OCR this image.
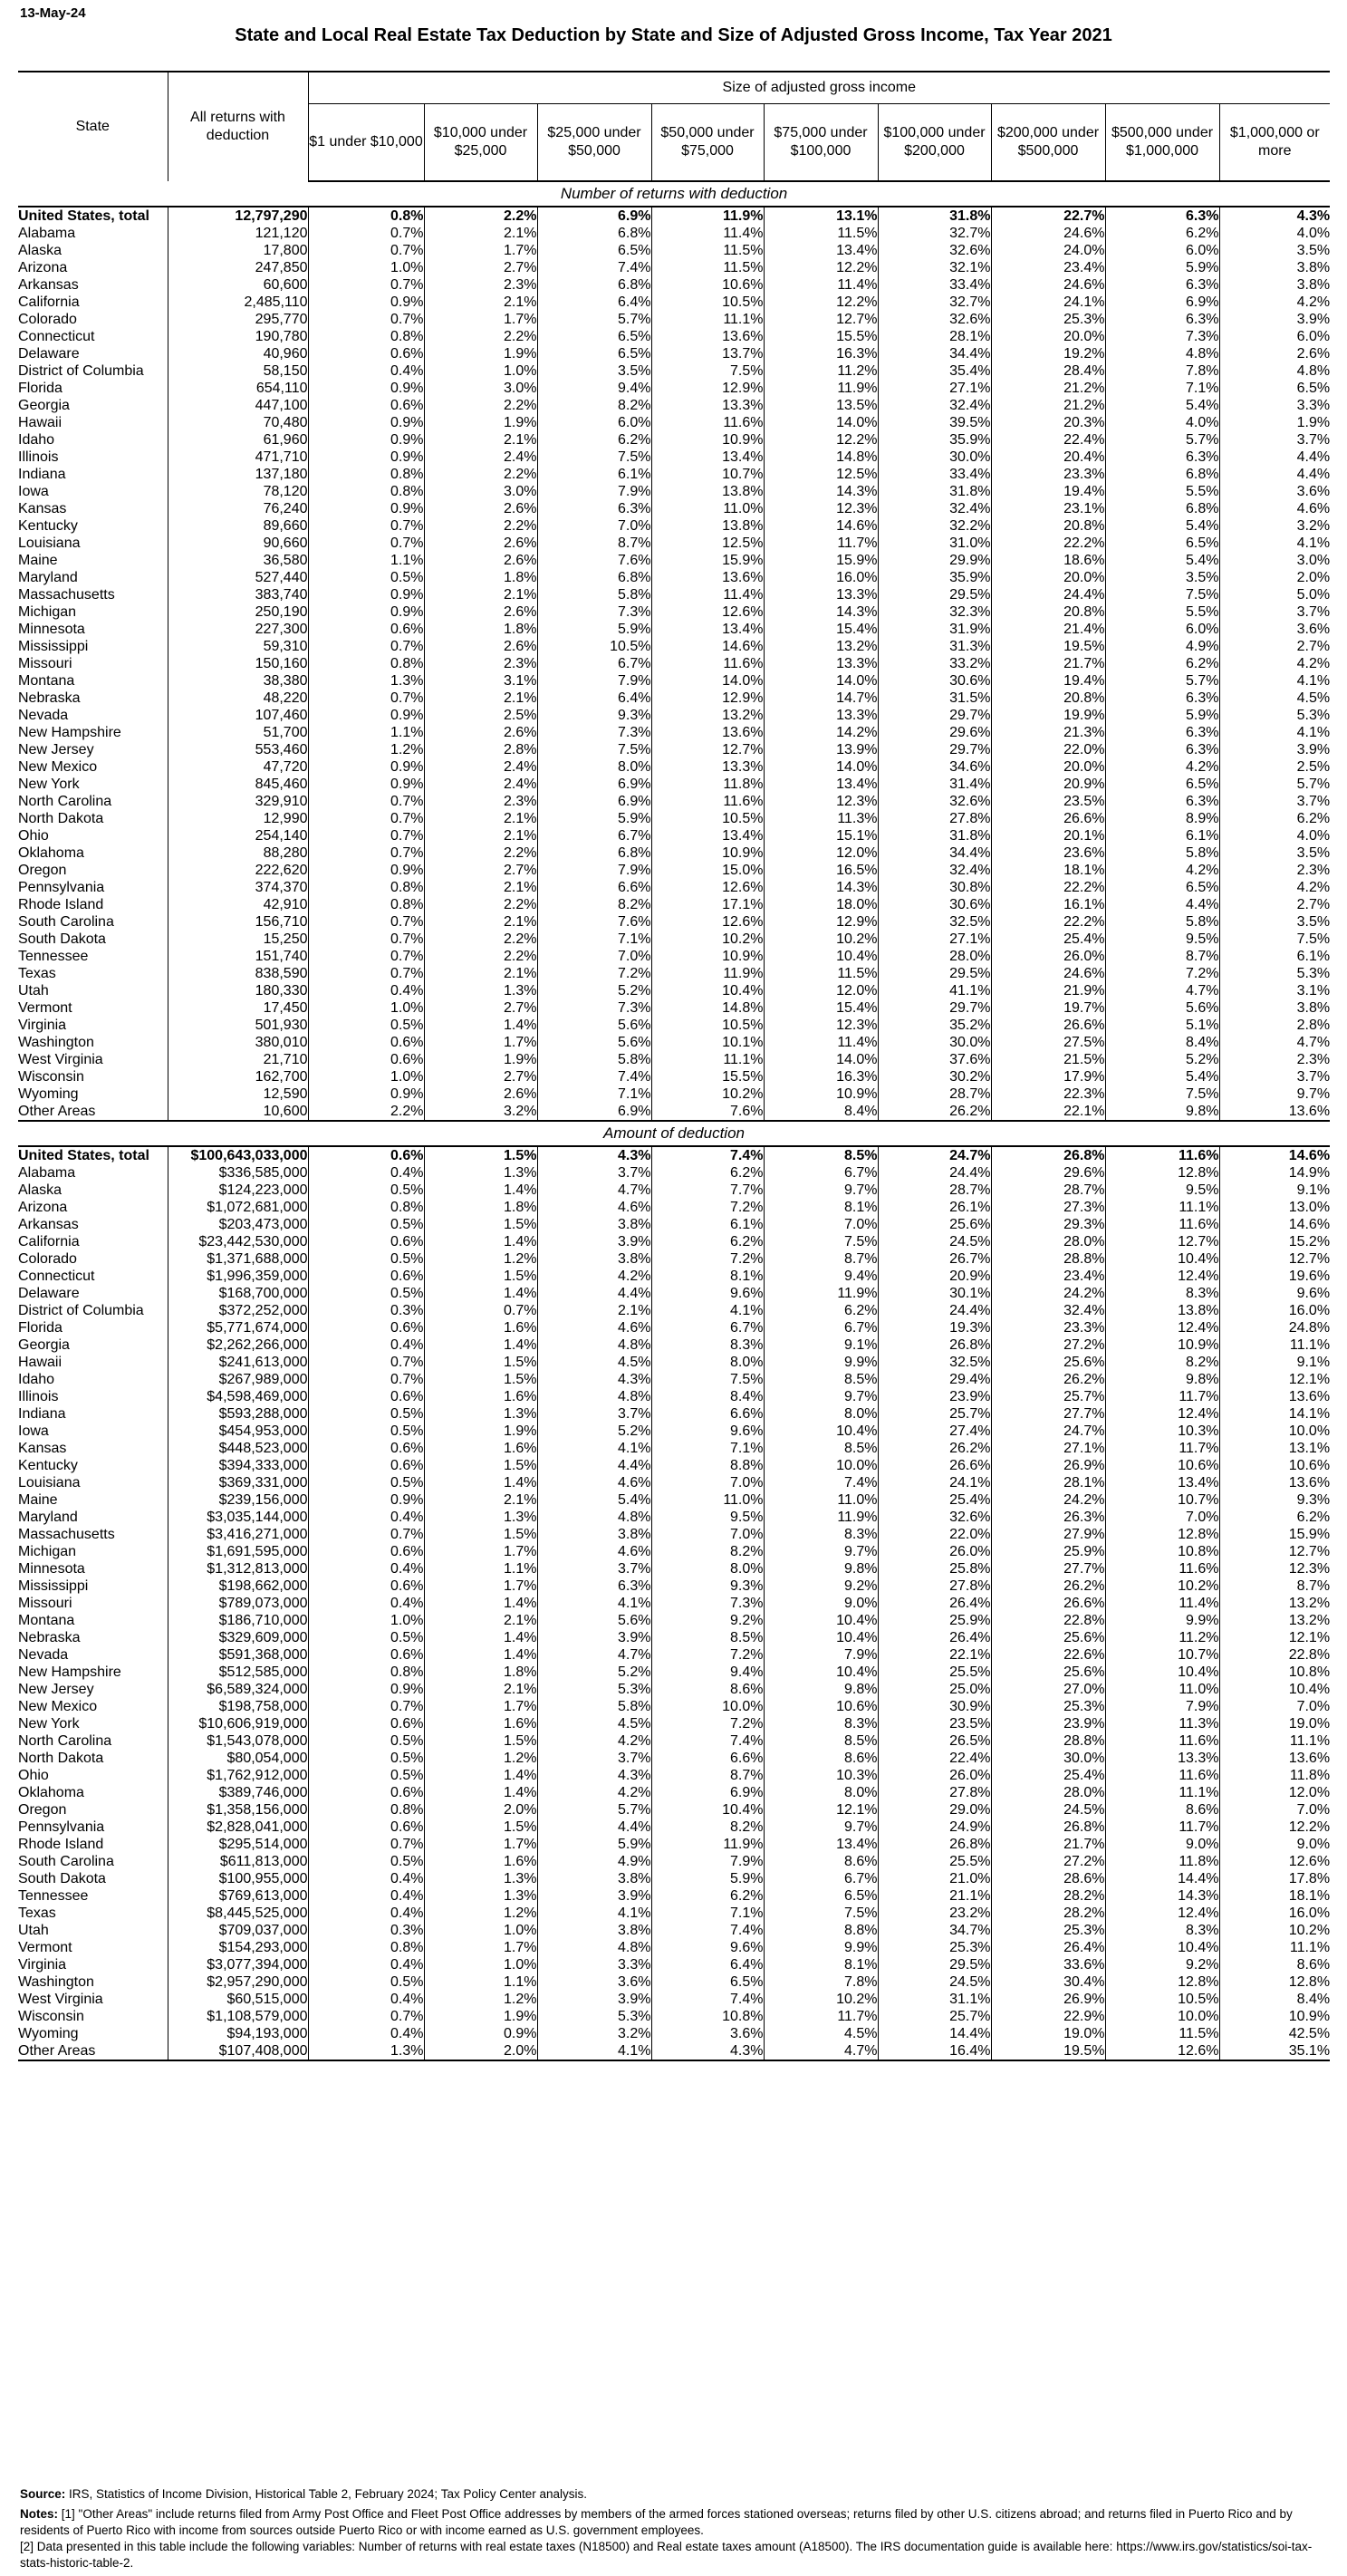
13-May-24
State and Local Real Estate Tax Deduction by State and Size of Adjusted Gross Income, Tax Year 2021
State	All returns with deduction	Size of adjusted gross income								
		$1 under $10,000	$10,000 under $25,000	$25,000 under $50,000	$50,000 under $75,000	$75,000 under $100,000	$100,000 under $200,000	$200,000 under $500,000	$500,000 under $1,000,000	$1,000,000 or more
Number of returns with deduction										
United States, total	12,797,290	0.8%	2.2%	6.9%	11.9%	13.1%	31.8%	22.7%	6.3%	4.3%
Alabama	121,120	0.7%	2.1%	6.8%	11.4%	11.5%	32.7%	24.6%	6.2%	4.0%
Alaska	17,800	0.7%	1.7%	6.5%	11.5%	13.4%	32.6%	24.0%	6.0%	3.5%
Arizona	247,850	1.0%	2.7%	7.4%	11.5%	12.2%	32.1%	23.4%	5.9%	3.8%
Arkansas	60,600	0.7%	2.3%	6.8%	10.6%	11.4%	33.4%	24.6%	6.3%	3.8%
California	2,485,110	0.9%	2.1%	6.4%	10.5%	12.2%	32.7%	24.1%	6.9%	4.2%
Colorado	295,770	0.7%	1.7%	5.7%	11.1%	12.7%	32.6%	25.3%	6.3%	3.9%
Connecticut	190,780	0.8%	2.2%	6.5%	13.6%	15.5%	28.1%	20.0%	7.3%	6.0%
Delaware	40,960	0.6%	1.9%	6.5%	13.7%	16.3%	34.4%	19.2%	4.8%	2.6%
District of Columbia	58,150	0.4%	1.0%	3.5%	7.5%	11.2%	35.4%	28.4%	7.8%	4.8%
Florida	654,110	0.9%	3.0%	9.4%	12.9%	11.9%	27.1%	21.2%	7.1%	6.5%
Georgia	447,100	0.6%	2.2%	8.2%	13.3%	13.5%	32.4%	21.2%	5.4%	3.3%
Hawaii	70,480	0.9%	1.9%	6.0%	11.6%	14.0%	39.5%	20.3%	4.0%	1.9%
Idaho	61,960	0.9%	2.1%	6.2%	10.9%	12.2%	35.9%	22.4%	5.7%	3.7%
Illinois	471,710	0.9%	2.4%	7.5%	13.4%	14.8%	30.0%	20.4%	6.3%	4.4%
Indiana	137,180	0.8%	2.2%	6.1%	10.7%	12.5%	33.4%	23.3%	6.8%	4.4%
Iowa	78,120	0.8%	3.0%	7.9%	13.8%	14.3%	31.8%	19.4%	5.5%	3.6%
Kansas	76,240	0.9%	2.6%	6.3%	11.0%	12.3%	32.4%	23.1%	6.8%	4.6%
Kentucky	89,660	0.7%	2.2%	7.0%	13.8%	14.6%	32.2%	20.8%	5.4%	3.2%
Louisiana	90,660	0.7%	2.6%	8.7%	12.5%	11.7%	31.0%	22.2%	6.5%	4.1%
Maine	36,580	1.1%	2.6%	7.6%	15.9%	15.9%	29.9%	18.6%	5.4%	3.0%
Maryland	527,440	0.5%	1.8%	6.8%	13.6%	16.0%	35.9%	20.0%	3.5%	2.0%
Massachusetts	383,740	0.9%	2.1%	5.8%	11.4%	13.3%	29.5%	24.4%	7.5%	5.0%
Michigan	250,190	0.9%	2.6%	7.3%	12.6%	14.3%	32.3%	20.8%	5.5%	3.7%
Minnesota	227,300	0.6%	1.8%	5.9%	13.4%	15.4%	31.9%	21.4%	6.0%	3.6%
Mississippi	59,310	0.7%	2.6%	10.5%	14.6%	13.2%	31.3%	19.5%	4.9%	2.7%
Missouri	150,160	0.8%	2.3%	6.7%	11.6%	13.3%	33.2%	21.7%	6.2%	4.2%
Montana	38,380	1.3%	3.1%	7.9%	14.0%	14.0%	30.6%	19.4%	5.7%	4.1%
Nebraska	48,220	0.7%	2.1%	6.4%	12.9%	14.7%	31.5%	20.8%	6.3%	4.5%
Nevada	107,460	0.9%	2.5%	9.3%	13.2%	13.3%	29.7%	19.9%	5.9%	5.3%
New Hampshire	51,700	1.1%	2.6%	7.3%	13.6%	14.2%	29.6%	21.3%	6.3%	4.1%
New Jersey	553,460	1.2%	2.8%	7.5%	12.7%	13.9%	29.7%	22.0%	6.3%	3.9%
New Mexico	47,720	0.9%	2.4%	8.0%	13.3%	14.0%	34.6%	20.0%	4.2%	2.5%
New York	845,460	0.9%	2.4%	6.9%	11.8%	13.4%	31.4%	20.9%	6.5%	5.7%
North Carolina	329,910	0.7%	2.3%	6.9%	11.6%	12.3%	32.6%	23.5%	6.3%	3.7%
North Dakota	12,990	0.7%	2.1%	5.9%	10.5%	11.3%	27.8%	26.6%	8.9%	6.2%
Ohio	254,140	0.7%	2.1%	6.7%	13.4%	15.1%	31.8%	20.1%	6.1%	4.0%
Oklahoma	88,280	0.7%	2.2%	6.8%	10.9%	12.0%	34.4%	23.6%	5.8%	3.5%
Oregon	222,620	0.9%	2.7%	7.9%	15.0%	16.5%	32.4%	18.1%	4.2%	2.3%
Pennsylvania	374,370	0.8%	2.1%	6.6%	12.6%	14.3%	30.8%	22.2%	6.5%	4.2%
Rhode Island	42,910	0.8%	2.2%	8.2%	17.1%	18.0%	30.6%	16.1%	4.4%	2.7%
South Carolina	156,710	0.7%	2.1%	7.6%	12.6%	12.9%	32.5%	22.2%	5.8%	3.5%
South Dakota	15,250	0.7%	2.2%	7.1%	10.2%	10.2%	27.1%	25.4%	9.5%	7.5%
Tennessee	151,740	0.7%	2.2%	7.0%	10.9%	10.4%	28.0%	26.0%	8.7%	6.1%
Texas	838,590	0.7%	2.1%	7.2%	11.9%	11.5%	29.5%	24.6%	7.2%	5.3%
Utah	180,330	0.4%	1.3%	5.2%	10.4%	12.0%	41.1%	21.9%	4.7%	3.1%
Vermont	17,450	1.0%	2.7%	7.3%	14.8%	15.4%	29.7%	19.7%	5.6%	3.8%
Virginia	501,930	0.5%	1.4%	5.6%	10.5%	12.3%	35.2%	26.6%	5.1%	2.8%
Washington	380,010	0.6%	1.7%	5.6%	10.1%	11.4%	30.0%	27.5%	8.4%	4.7%
West Virginia	21,710	0.6%	1.9%	5.8%	11.1%	14.0%	37.6%	21.5%	5.2%	2.3%
Wisconsin	162,700	1.0%	2.7%	7.4%	15.5%	16.3%	30.2%	17.9%	5.4%	3.7%
Wyoming	12,590	0.9%	2.6%	7.1%	10.2%	10.9%	28.7%	22.3%	7.5%	9.7%
Other Areas	10,600	2.2%	3.2%	6.9%	7.6%	8.4%	26.2%	22.1%	9.8%	13.6%
Amount of deduction										
United States, total	$100,643,033,000	0.6%	1.5%	4.3%	7.4%	8.5%	24.7%	26.8%	11.6%	14.6%
Alabama	$336,585,000	0.4%	1.3%	3.7%	6.2%	6.7%	24.4%	29.6%	12.8%	14.9%
Alaska	$124,223,000	0.5%	1.4%	4.7%	7.7%	9.7%	28.7%	28.7%	9.5%	9.1%
Arizona	$1,072,681,000	0.8%	1.8%	4.6%	7.2%	8.1%	26.1%	27.3%	11.1%	13.0%
Arkansas	$203,473,000	0.5%	1.5%	3.8%	6.1%	7.0%	25.6%	29.3%	11.6%	14.6%
California	$23,442,530,000	0.6%	1.4%	3.9%	6.2%	7.5%	24.5%	28.0%	12.7%	15.2%
Colorado	$1,371,688,000	0.5%	1.2%	3.8%	7.2%	8.7%	26.7%	28.8%	10.4%	12.7%
Connecticut	$1,996,359,000	0.6%	1.5%	4.2%	8.1%	9.4%	20.9%	23.4%	12.4%	19.6%
Delaware	$168,700,000	0.5%	1.4%	4.4%	9.6%	11.9%	30.1%	24.2%	8.3%	9.6%
District of Columbia	$372,252,000	0.3%	0.7%	2.1%	4.1%	6.2%	24.4%	32.4%	13.8%	16.0%
Florida	$5,771,674,000	0.6%	1.6%	4.6%	6.7%	6.7%	19.3%	23.3%	12.4%	24.8%
Georgia	$2,262,266,000	0.4%	1.4%	4.8%	8.3%	9.1%	26.8%	27.2%	10.9%	11.1%
Hawaii	$241,613,000	0.7%	1.5%	4.5%	8.0%	9.9%	32.5%	25.6%	8.2%	9.1%
Idaho	$267,989,000	0.7%	1.5%	4.3%	7.5%	8.5%	29.4%	26.2%	9.8%	12.1%
Illinois	$4,598,469,000	0.6%	1.6%	4.8%	8.4%	9.7%	23.9%	25.7%	11.7%	13.6%
Indiana	$593,288,000	0.5%	1.3%	3.7%	6.6%	8.0%	25.7%	27.7%	12.4%	14.1%
Iowa	$454,953,000	0.5%	1.9%	5.2%	9.6%	10.4%	27.4%	24.7%	10.3%	10.0%
Kansas	$448,523,000	0.6%	1.6%	4.1%	7.1%	8.5%	26.2%	27.1%	11.7%	13.1%
Kentucky	$394,333,000	0.6%	1.5%	4.4%	8.8%	10.0%	26.6%	26.9%	10.6%	10.6%
Louisiana	$369,331,000	0.5%	1.4%	4.6%	7.0%	7.4%	24.1%	28.1%	13.4%	13.6%
Maine	$239,156,000	0.9%	2.1%	5.4%	11.0%	11.0%	25.4%	24.2%	10.7%	9.3%
Maryland	$3,035,144,000	0.4%	1.3%	4.8%	9.5%	11.9%	32.6%	26.3%	7.0%	6.2%
Massachusetts	$3,416,271,000	0.7%	1.5%	3.8%	7.0%	8.3%	22.0%	27.9%	12.8%	15.9%
Michigan	$1,691,595,000	0.6%	1.7%	4.6%	8.2%	9.7%	26.0%	25.9%	10.8%	12.7%
Minnesota	$1,312,813,000	0.4%	1.1%	3.7%	8.0%	9.8%	25.8%	27.7%	11.6%	12.3%
Mississippi	$198,662,000	0.6%	1.7%	6.3%	9.3%	9.2%	27.8%	26.2%	10.2%	8.7%
Missouri	$789,073,000	0.4%	1.4%	4.1%	7.3%	9.0%	26.4%	26.6%	11.4%	13.2%
Montana	$186,710,000	1.0%	2.1%	5.6%	9.2%	10.4%	25.9%	22.8%	9.9%	13.2%
Nebraska	$329,609,000	0.5%	1.4%	3.9%	8.5%	10.4%	26.4%	25.6%	11.2%	12.1%
Nevada	$591,368,000	0.6%	1.4%	4.7%	7.2%	7.9%	22.1%	22.6%	10.7%	22.8%
New Hampshire	$512,585,000	0.8%	1.8%	5.2%	9.4%	10.4%	25.5%	25.6%	10.4%	10.8%
New Jersey	$6,589,324,000	0.9%	2.1%	5.3%	8.6%	9.8%	25.0%	27.0%	11.0%	10.4%
New Mexico	$198,758,000	0.7%	1.7%	5.8%	10.0%	10.6%	30.9%	25.3%	7.9%	7.0%
New York	$10,606,919,000	0.6%	1.6%	4.5%	7.2%	8.3%	23.5%	23.9%	11.3%	19.0%
North Carolina	$1,543,078,000	0.5%	1.5%	4.2%	7.4%	8.5%	26.5%	28.8%	11.6%	11.1%
North Dakota	$80,054,000	0.5%	1.2%	3.7%	6.6%	8.6%	22.4%	30.0%	13.3%	13.6%
Ohio	$1,762,912,000	0.5%	1.4%	4.3%	8.7%	10.3%	26.0%	25.4%	11.6%	11.8%
Oklahoma	$389,746,000	0.6%	1.4%	4.2%	6.9%	8.0%	27.8%	28.0%	11.1%	12.0%
Oregon	$1,358,156,000	0.8%	2.0%	5.7%	10.4%	12.1%	29.0%	24.5%	8.6%	7.0%
Pennsylvania	$2,828,041,000	0.6%	1.5%	4.4%	8.2%	9.7%	24.9%	26.8%	11.7%	12.2%
Rhode Island	$295,514,000	0.7%	1.7%	5.9%	11.9%	13.4%	26.8%	21.7%	9.0%	9.0%
South Carolina	$611,813,000	0.5%	1.6%	4.9%	7.9%	8.6%	25.5%	27.2%	11.8%	12.6%
South Dakota	$100,955,000	0.4%	1.3%	3.8%	5.9%	6.7%	21.0%	28.6%	14.4%	17.8%
Tennessee	$769,613,000	0.4%	1.3%	3.9%	6.2%	6.5%	21.1%	28.2%	14.3%	18.1%
Texas	$8,445,525,000	0.4%	1.2%	4.1%	7.1%	7.5%	23.2%	28.2%	12.4%	16.0%
Utah	$709,037,000	0.3%	1.0%	3.8%	7.4%	8.8%	34.7%	25.3%	8.3%	10.2%
Vermont	$154,293,000	0.8%	1.7%	4.8%	9.6%	9.9%	25.3%	26.4%	10.4%	11.1%
Virginia	$3,077,394,000	0.4%	1.0%	3.3%	6.4%	8.1%	29.5%	33.6%	9.2%	8.6%
Washington	$2,957,290,000	0.5%	1.1%	3.6%	6.5%	7.8%	24.5%	30.4%	12.8%	12.8%
West Virginia	$60,515,000	0.4%	1.2%	3.9%	7.4%	10.2%	31.1%	26.9%	10.5%	8.4%
Wisconsin	$1,108,579,000	0.7%	1.9%	5.3%	10.8%	11.7%	25.7%	22.9%	10.0%	10.9%
Wyoming	$94,193,000	0.4%	0.9%	3.2%	3.6%	4.5%	14.4%	19.0%	11.5%	42.5%
Other Areas	$107,408,000	1.3%	2.0%	4.1%	4.3%	4.7%	16.4%	19.5%	12.6%	35.1%
Source: IRS, Statistics of Income Division, Historical Table 2, February 2024; Tax Policy Center analysis.
Notes: [1] "Other Areas" include returns filed from Army Post Office and Fleet Post Office addresses by members of the armed forces stationed overseas; returns filed by other U.S. citizens abroad; and returns filed in Puerto Rico and by residents of Puerto Rico with income from sources outside Puerto Rico or with income earned as U.S. government employees.
[2] Data presented in this table include the following variables: Number of returns with real estate taxes (N18500) and Real estate taxes amount (A18500). The IRS documentation guide is available here: https://www.irs.gov/statistics/soi-tax-stats-historic-table-2.
